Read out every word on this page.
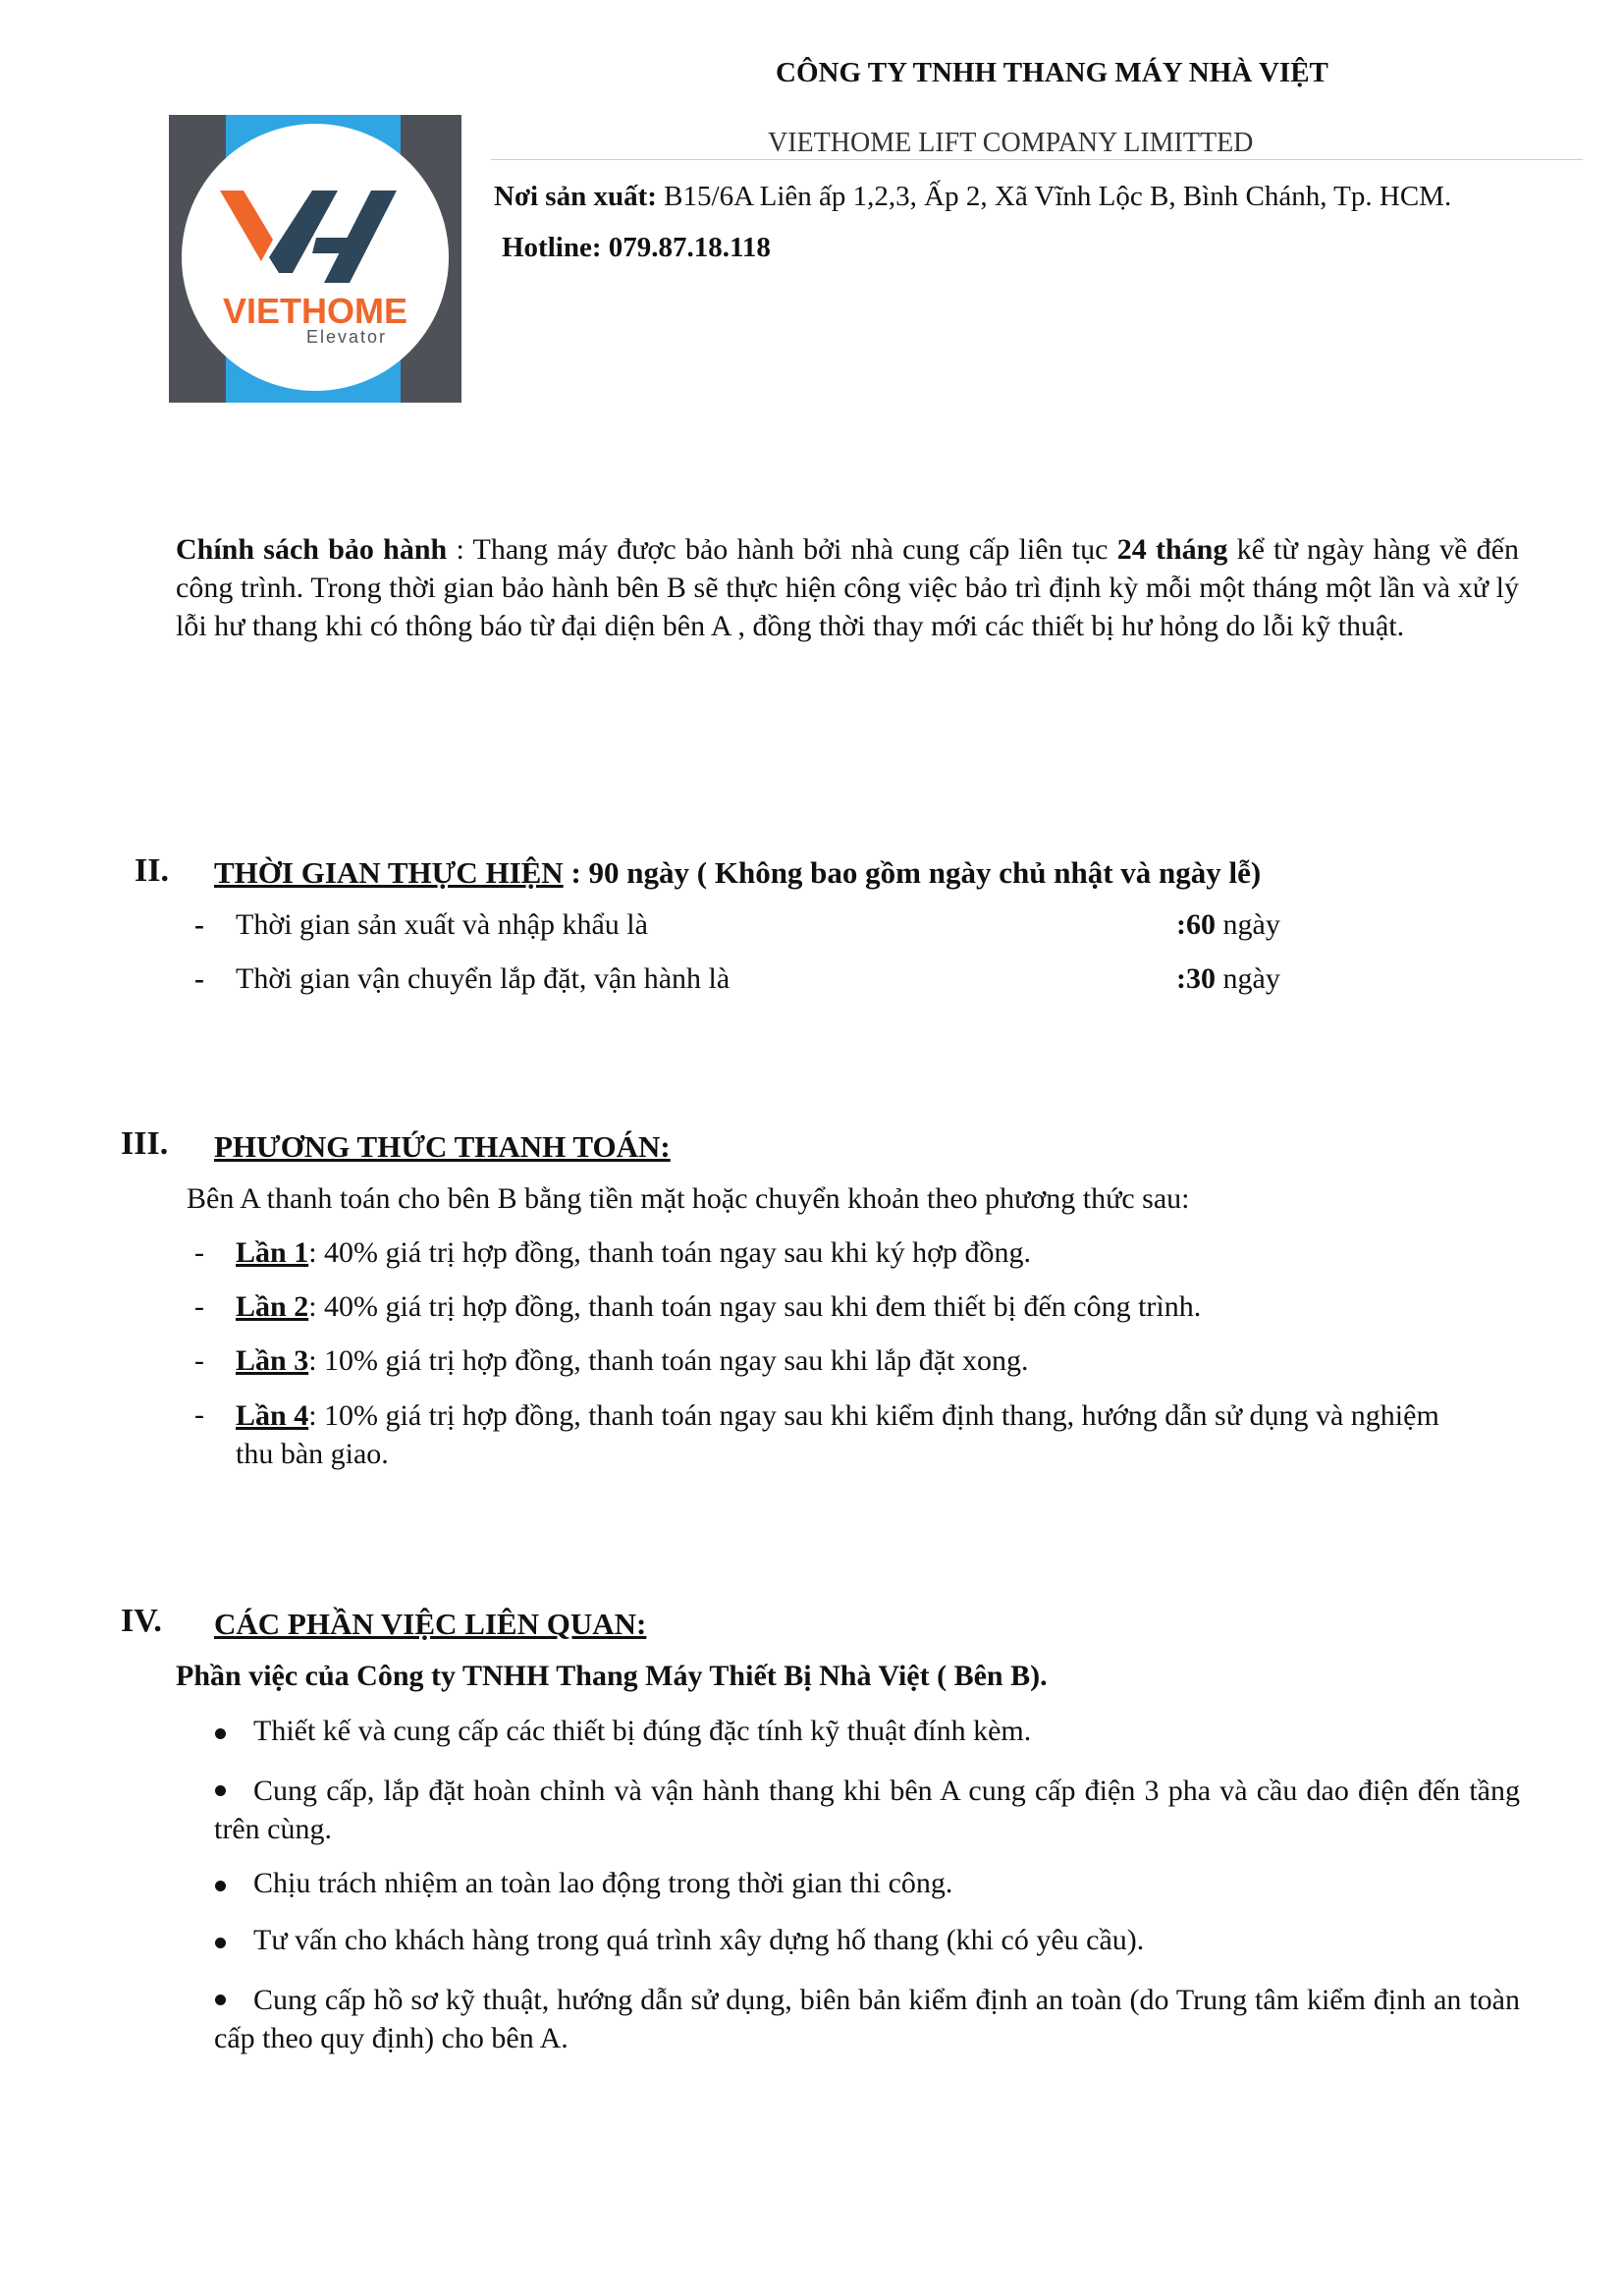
CÔNG TY TNHH THANG MÁY NHÀ VIỆT
VIETHOME LIFT COMPANY LIMITTED
Nơi sản xuất: B15/6A Liên ấp 1,2,3, Ấp 2, Xã Vĩnh Lộc B, Bình Chánh, Tp. HCM.
Hotline: 079.87.18.118
VIETHOME
Elevator
Chính sách bảo hành : Thang máy được bảo hành bởi nhà cung cấp liên tục 24 tháng kể từ ngày hàng về đến công trình. Trong thời gian bảo hành bên B sẽ thực hiện công việc bảo trì định kỳ mỗi một tháng một lần và xử lý lỗi hư thang khi có thông báo từ đại diện bên A , đồng thời thay mới các thiết bị hư hỏng do lỗi kỹ thuật.
II. THỜI GIAN THỰC HIỆN : 90 ngày ( Không bao gồm ngày chủ nhật và ngày lễ)
- Thời gian sản xuất và nhập khẩu là	:60 ngày
- Thời gian vận chuyển lắp đặt, vận hành là	:30 ngày
III. PHƯƠNG THỨC THANH TOÁN:
Bên A thanh toán cho bên B bằng tiền mặt hoặc chuyển khoản theo phương thức sau:
- Lần 1: 40% giá trị hợp đồng, thanh toán ngay sau khi ký hợp đồng.
- Lần 2: 40% giá trị hợp đồng, thanh toán ngay sau khi đem thiết bị đến công trình.
- Lần 3: 10% giá trị hợp đồng, thanh toán ngay sau khi lắp đặt xong.
- Lần 4: 10% giá trị hợp đồng, thanh toán ngay sau khi kiểm định thang, hướng dẫn sử dụng và nghiệm thu bàn giao.
IV. CÁC PHẦN VIỆC LIÊN QUAN:
Phần việc của Công ty TNHH Thang Máy Thiết Bị Nhà Việt ( Bên B).
Thiết kế và cung cấp các thiết bị đúng đặc tính kỹ thuật đính kèm.
Cung cấp, lắp đặt hoàn chỉnh và vận hành thang khi bên A cung cấp điện 3 pha và cầu dao điện đến tầng trên cùng.
Chịu trách nhiệm an toàn lao động trong thời gian thi công.
Tư vấn cho khách hàng trong quá trình xây dựng hố thang (khi có yêu cầu).
Cung cấp hồ sơ kỹ thuật, hướng dẫn sử dụng, biên bản kiểm định an toàn (do Trung tâm kiểm định an toàn cấp theo quy định) cho bên A.
